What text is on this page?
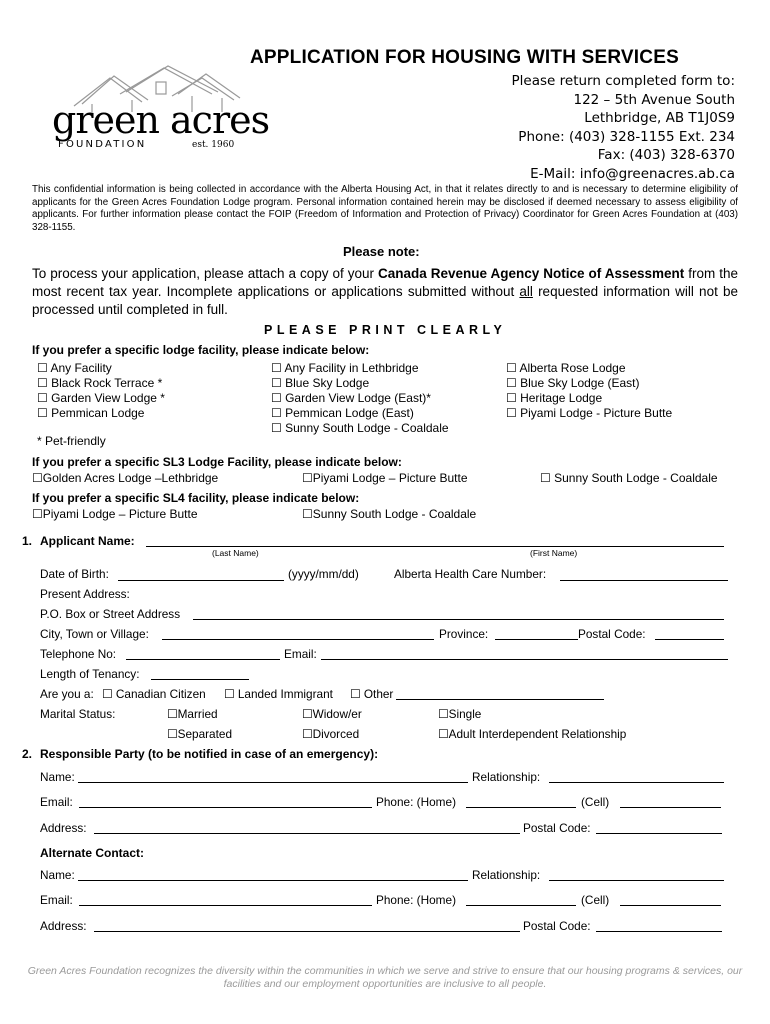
APPLICATION FOR HOUSING WITH SERVICES
green acres
FOUNDATION	est. 1960
Please return completed form to:
122 – 5th Avenue South
Lethbridge, AB T1J0S9
Phone: (403) 328-1155 Ext. 234
Fax: (403) 328-6370
E-Mail: info@greenacres.ab.ca
This confidential information is being collected in accordance with the Alberta Housing Act, in that it relates directly to and is necessary to determine eligibility of applicants for the Green Acres Foundation Lodge program. Personal information contained herein may be disclosed if deemed necessary to assess eligibility of applicants. For further information please contact the FOIP (Freedom of Information and Protection of Privacy) Coordinator for Green Acres Foundation at (403) 328-1155.
Please note:
To process your application, please attach a copy of your Canada Revenue Agency Notice of Assessment from the most recent tax year. Incomplete applications or applications submitted without all requested information will not be processed until completed in full.
PLEASE PRINT CLEARLY
If you prefer a specific lodge facility, please indicate below:
☐ Any Facility
☐ Black Rock Terrace *
☐ Garden View Lodge *
☐ Pemmican Lodge
☐ Any Facility in Lethbridge
☐ Blue Sky Lodge
☐ Garden View Lodge (East)*
☐ Pemmican Lodge (East)
☐ Sunny South Lodge - Coaldale
☐ Alberta Rose Lodge
☐ Blue Sky Lodge (East)
☐ Heritage Lodge
☐ Piyami Lodge - Picture Butte
* Pet-friendly
If you prefer a specific SL3 Lodge Facility, please indicate below:
☐Golden Acres Lodge –Lethbridge	☐Piyami Lodge – Picture Butte	☐ Sunny South Lodge - Coaldale
If you prefer a specific SL4 facility, please indicate below:
☐Piyami Lodge – Picture Butte	☐Sunny South Lodge - Coaldale
1. Applicant Name:
(Last Name)	(First Name)
Date of Birth:	(yyyy/mm/dd)	Alberta Health Care Number:
Present Address:
P.O. Box or Street Address
City, Town or Village:	Province:	Postal Code:
Telephone No:	Email:
Length of Tenancy:
Are you a: ☐ Canadian Citizen ☐ Landed Immigrant ☐ Other
Marital Status:	☐Married	☐Widow/er	☐Single
☐Separated	☐Divorced	☐Adult Interdependent Relationship
2. Responsible Party (to be notified in case of an emergency):
Name:	Relationship:
Email:	Phone: (Home)	(Cell)
Address:	Postal Code:
Alternate Contact:
Name:	Relationship:
Email:	Phone: (Home)	(Cell)
Address:	Postal Code:
Green Acres Foundation recognizes the diversity within the communities in which we serve and strive to ensure that our housing programs & services, our facilities and our employment opportunities are inclusive to all people.
